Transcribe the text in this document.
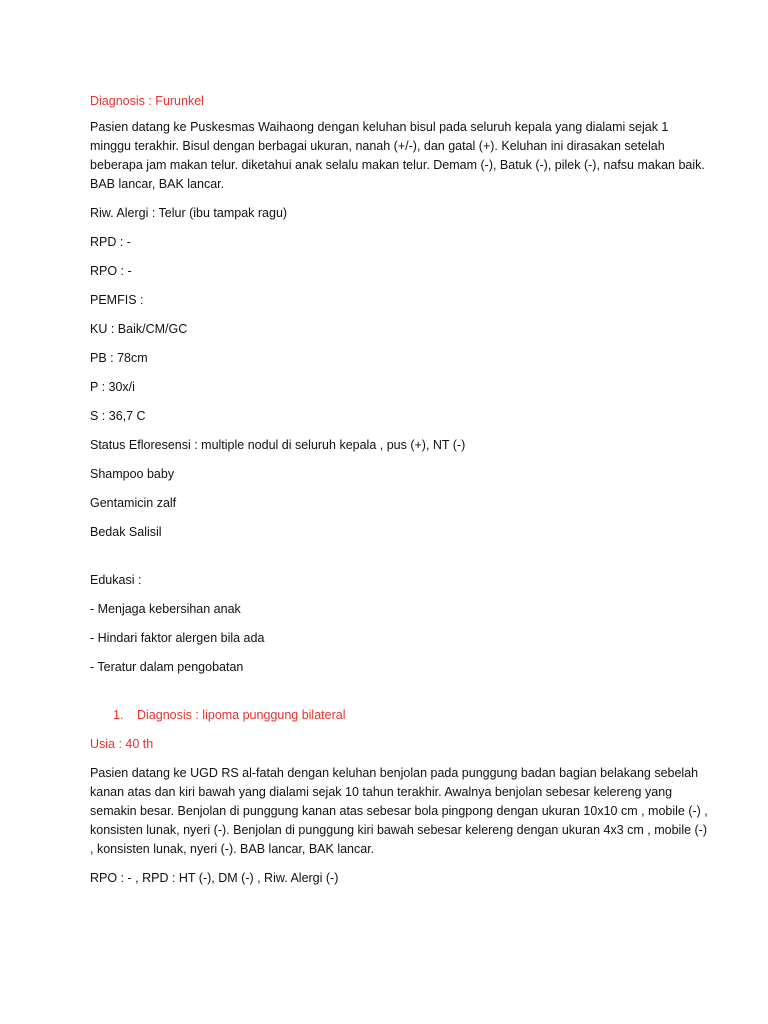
Diagnosis : Furunkel
Pasien datang ke Puskesmas Waihaong dengan keluhan bisul pada seluruh kepala yang dialami sejak 1 minggu terakhir. Bisul dengan berbagai ukuran, nanah (+/-), dan gatal (+). Keluhan ini dirasakan setelah beberapa jam makan telur. diketahui anak selalu makan telur. Demam (-), Batuk (-), pilek (-), nafsu makan baik. BAB lancar, BAK lancar.
Riw. Alergi : Telur (ibu tampak ragu)
RPD : -
RPO : -
PEMFIS :
KU : Baik/CM/GC
PB : 78cm
P : 30x/i
S : 36,7 C
Status Efloresensi : multiple nodul di seluruh kepala , pus (+), NT (-)
Shampoo baby
Gentamicin zalf
Bedak Salisil
Edukasi :
- Menjaga kebersihan anak
- Hindari faktor alergen bila ada
- Teratur dalam pengobatan
1. Diagnosis : lipoma punggung bilateral
Usia : 40 th
Pasien datang ke UGD RS al-fatah dengan keluhan benjolan pada punggung badan bagian belakang sebelah kanan atas dan kiri bawah yang dialami sejak 10 tahun terakhir. Awalnya benjolan sebesar kelereng yang semakin besar. Benjolan di punggung kanan atas sebesar bola pingpong dengan ukuran 10x10 cm , mobile (-) , konsisten lunak, nyeri (-). Benjolan di punggung kiri bawah sebesar kelereng dengan ukuran 4x3 cm , mobile (-) , konsisten lunak, nyeri (-). BAB lancar, BAK lancar.
RPO : - , RPD : HT (-), DM (-) , Riw. Alergi (-)
